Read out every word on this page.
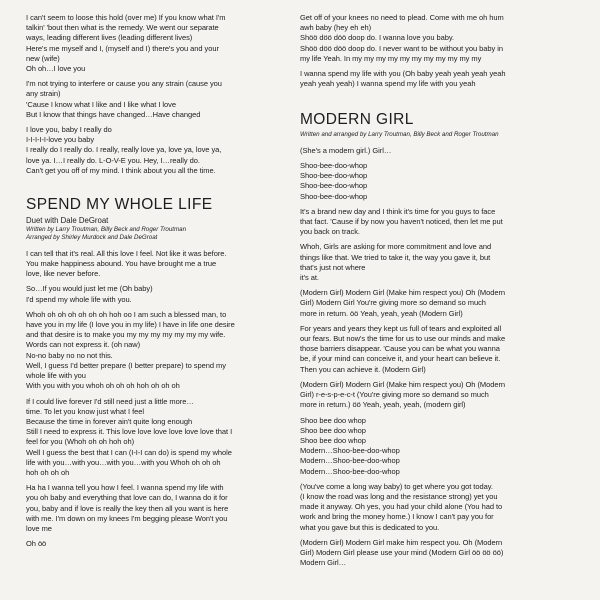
I can't seem to loose this hold (over me) If you know what I'm
talkin' 'bout then what is the remedy. We went our separate
ways, leading different lives (leading different lives)
Here's me myself and I, (myself and I) there's you and your
new (wife)
Oh oh…I love you

I'm not trying to interfere or cause you any strain (cause you
any strain)
'Cause I know what I like and I like what I love
But I know that things have changed…Have changed

I love you, baby I really do
I-I-I-I-I-love you baby
I really do I really do. I really, really love ya, love ya, love ya,
love ya. I…I really do. L-O-V-E you. Hey, I…really do.
Can't get you off of my mind. I think about you all the time.

SPEND MY WHOLE LIFE

Duet with Dale DeGroat

Written by Larry Troutman, Billy Beck and Roger Troutman

Arranged by Shirley Murdock and Dale DeGroat

I can tell that it's real. All this love I feel. Not like it was before.
You make happiness abound. You have brought me a true
love, like never before.

So…If you would just let me (Oh baby)
I'd spend my whole life with you.

Whoh oh oh oh oh oh oh hoh oo I am such a blessed man, to
have you in my life (I love you in my life) I have in life one desire
and that desire is to make you my my my my my my my wife.
Words can not express it. (oh naw)
No-no baby no no not this.
Well, I guess I'd better prepare (I better prepare) to spend my
whole life with you
With you with you whoh oh oh oh hoh oh oh oh

If I could live forever I'd still need just a little more…
time. To let you know just what I feel
Because the time in forever ain't quite long enough
Still I need to express it. This love love love love love love that I
feel for you (Whoh oh oh hoh oh)
Well I guess the best that I can (I-I-I can do) is spend my whole
life with you…with you…with you…with you Whoh oh oh oh
hoh oh oh oh

Ha ha I wanna tell you how I feel. I wanna spend my life with
you oh baby and everything that love can do, I wanna do it for
you, baby and if love is really the key then all you want is here
with me. I'm down on my knees I'm begging please Won't you
love me

Oh öö

Get off of your knees no need to plead. Come with me oh hum
awh baby (hey eh eh)
Shöö döö döö doop do. I wanna love you baby.
Shöö döö döö doop do. I never want to be without you baby in
my life Yeah. In my my my my my my my my my my my

I wanna spend my life with you (Oh baby yeah yeah yeah yeah
yeah yeah yeah) I wanna spend my life with you yeah

MODERN GIRL

Written and arranged by Larry Troutman, Billy Beck and Roger Troutman

(She's a modern girl.) Girl…

Shoo-bee-doo-whop
Shoo-bee-doo-whop
Shoo-bee-doo-whop
Shoo-bee-doo-whop

It's a brand new day and I think it's time for you guys to face
that fact. 'Cause if by now you haven't noticed, then let me put
you back on track.

Whoh, Girls are asking for more commitment and love and
things like that. We tried to take it, the way you gave it, but
that's just not where
it's at.

(Modern Girl) Modern Girl (Make him respect you) Oh (Modern
Girl) Modern Girl You're giving more so demand so much
more in return. öö Yeah, yeah, yeah (Modern Girl)

For years and years they kept us full of tears and exploited all
our fears. But now's the time for us to use our minds and make
those barriers disappear. 'Cause you can be what you wanna
be, if your mind can conceive it, and your heart can believe it.
Then you can achieve it. (Modern Girl)

(Modern Girl) Modern Girl (Make him respect you) Oh (Modern
Girl) r-e-s-p-e-c-t (You're giving more so demand so much
more in return.) öö Yeah, yeah, yeah, (modern girl)

Shoo bee doo whop
Shoo bee doo whop
Shoo bee doo whop
Modern…Shoo-bee-doo-whop
Modern…Shoo-bee-doo-whop
Modern…Shoo-bee-doo-whop

(You've come a long way baby) to get where you got today.
(I know the road was long and the resistance strong) yet you
made it anyway. Oh yes, you had your child alone (You had to
work and bring the money home.) I know I can't pay you for
what you gave but this is dedicated to you.

(Modern Girl) Modern Girl make him respect you. Oh (Modern
Girl) Modern Girl please use your mind (Modern Girl öö öö öö)
Modern Girl…
